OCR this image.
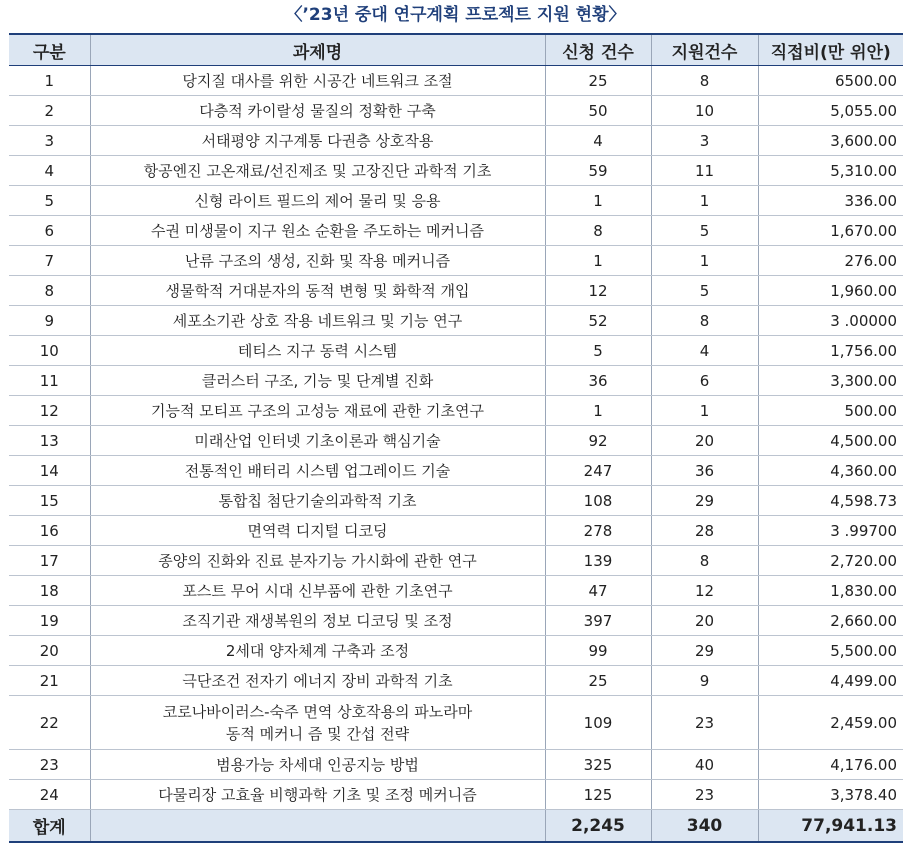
〈’23년 중대 연구계획 프로젝트 지원 현황〉
구분	과제명	신청 건수	지원건수	직접비(만 위안)
1	당지질 대사를 위한 시공간 네트워크 조절	25	8	6500.00
2	다층적 카이랄성 물질의 정확한 구축	50	10	5,055.00
3	서태평양 지구계통 다권층 상호작용	4	3	3,600.00
4	항공엔진 고온재료/선진제조 및 고장진단 과학적 기초	59	11	5,310.00
5	신형 라이트 필드의 제어 물리 및 응용	1	1	336.00
6	수권 미생물이 지구 원소 순환을 주도하는 메커니즘	8	5	1,670.00
7	난류 구조의 생성, 진화 및 작용 메커니즘	1	1	276.00
8	생물학적 거대분자의 동적 변형 및 화학적 개입	12	5	1,960.00
9	세포소기관 상호 작용 네트워크 및 기능 연구	52	8	3 .00000
10	테티스 지구 동력 시스템	5	4	1,756.00
11	클러스터 구조, 기능 및 단계별 진화	36	6	3,300.00
12	기능적 모티프 구조의 고성능 재료에 관한 기초연구	1	1	500.00
13	미래산업 인터넷 기초이론과 핵심기술	92	20	4,500.00
14	전통적인 배터리 시스템 업그레이드 기술	247	36	4,360.00
15	통합칩 첨단기술의과학적 기초	108	29	4,598.73
16	면역력 디지털 디코딩	278	28	3 .99700
17	종양의 진화와 진료 분자기능 가시화에 관한 연구	139	8	2,720.00
18	포스트 무어 시대 신부품에 관한 기초연구	47	12	1,830.00
19	조직기관 재생복원의 정보 디코딩 및 조정	397	20	2,660.00
20	2세대 양자체계 구축과 조정	99	29	5,500.00
21	극단조건 전자기 에너지 장비 과학적 기초	25	9	4,499.00
22	코로나바이러스-숙주 면역 상호작용의 파노라마
동적 메커니 즘 및 간섭 전략	109	23	2,459.00
23	범용가능 차세대 인공지능 방법	325	40	4,176.00
24	다물리장 고효율 비행과학 기초 및 조정 메커니즘	125	23	3,378.40
합계		2,245	340	77,941.13
